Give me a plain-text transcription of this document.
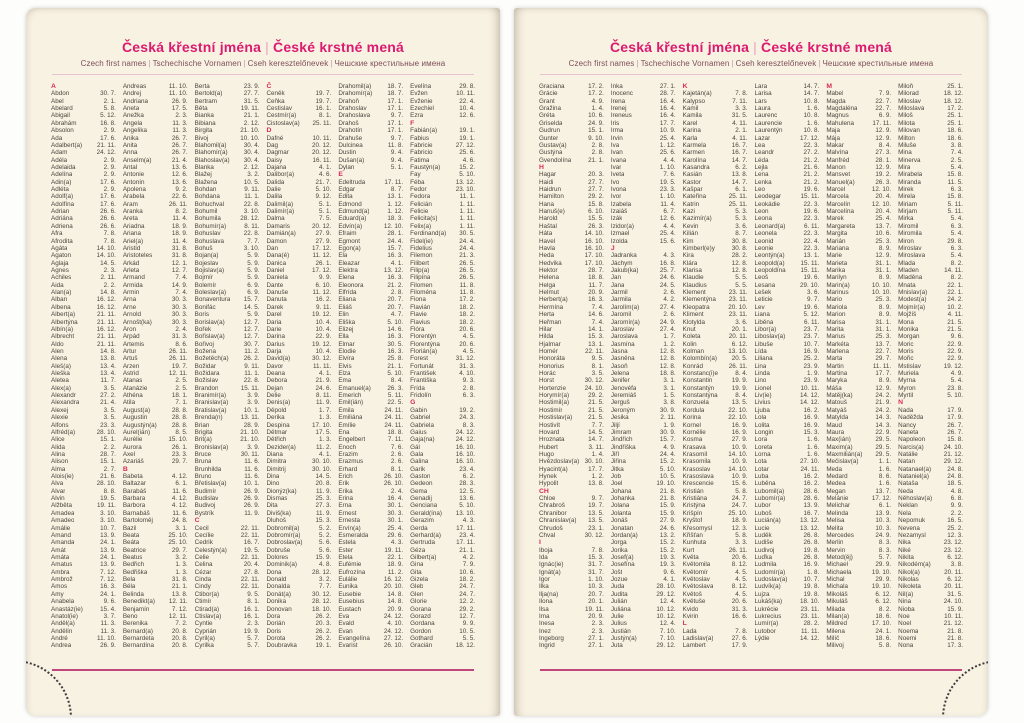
Česká křestní jména | České krstné mená
Czech first names | Tschechische Vornamen | Cseh keresztelőnevek | Чешские крестильные имена
A
Abdon	30. 7.
Ábel	2. 1.
Abelard	5. 8.
Abigail	5. 12.
Abrahám	16. 8.
Absolon	2. 9.
Ada	17. 6.
Adalbert(a)	21. 11.
Adam	24. 12.
Adéla	2. 9.
Adelaida	2. 9.
Adelína	2. 9.
Adin(a)	17. 6.
Adléta	2. 9.
Adolf(a)	17. 6.
Adolfína	17. 6.
Adrian	26. 6.
Adriána	26. 6.
Adriena	26. 6.
Afra	7. 8.
Afrodita	7. 8.
Agáta	14. 10.
Agaton	14. 10.
Aglaja	14. 5.
Agnes	2. 3.
Achiles	2. 11.
Aida	2. 2.
Alan(a)	14. 8.
Alban	16. 12.
Albena	16. 12.
Albert(a)	21. 11.
Albertýna	21. 11.
Albín(a)	16. 12.
Albrecht	21. 11.
Aldo	21. 11.
Alen	14. 8.
Alena	13. 8.
Aleš(a)	13. 4.
Aleška	13. 4.
Aletea	11. 7.
Alex(a)	3. 5.
Alexandr	27. 2.
Alexandra	21. 4.
Alexej	3. 5.
Alexie	3. 5.
Alfons	23. 3.
Alfréd(a)	28. 10.
Alice	15. 1.
Alida	2. 2.
Alina	28. 7.
Alison	15. 1.
Alma	2. 7.
Alois(ie)	21. 6.
Alva	28. 10.
Alvar	8. 8.
Alvin	19. 5.
Alžběta	19. 11.
Amadea	3. 10.
Amadeo	3. 10.
Amálie	10. 7.
Amand	13. 9.
Amanda	24. 1.
Amát	13. 9.
Amáta	24. 1.
Amatus	13. 9.
Ambra	7. 12.
Ambrož	7. 12.
Ámos	16. 3.
Amy	24. 1.
Anabela	9. 6.
Anastáz(ie)	15. 4.
Anatol(ie)	3. 7.
Anděl(a)	11. 3.
Andělín	11. 3.
André	11. 10.
Andrea	26. 9.
Andreas	11. 10.
Andrej	11. 10.
Andriana	26. 9.
Aneta	17. 5.
Anežka	2. 3.
Angela	11. 3.
Angelika	11. 3.
Anika	26. 7.
Anita	26. 7.
Anna	26. 7.
Anselm(a)	21. 4.
Antal	13. 6.
Antonie	12. 6.
Antonín	13. 6.
Apolena	9. 2.
Arabela	22. 6.
Aram	26. 11.
Aranka	8. 2.
Areta	11. 4.
Ariadna	18. 9.
Ariana	18. 9.
Ariel(a)	11. 4.
Aristid	31. 8.
Aristoteles	31. 8.
Arkád	12. 1.
Arleta	12. 7.
Armand	7. 4.
Armida	14. 9.
Armin	7. 4.
Arna	30. 3.
Arne	30. 3.
Arnold	30. 3.
Arnošt(ka)	30. 3.
Áron	2. 4.
Árpád	31. 3.
Artemis	8. 6.
Artur	26. 11.
Artuš	26. 11.
Arzen	19. 7.
Astrid	12. 11.
Atanas	2. 5.
Atanázie	2. 5.
Athéna	18. 1.
Atila	7. 1.
August(a)	28. 8.
Augustin	28. 8.
Augustýn(a)	28. 8.
Aurel(ián)	8. 5.
Aurélie	15. 10.
Aurora	26. 1.
Axel	23. 3.
Azariáš	29. 7.
B
Babeta	4. 12.
Baltazar	6. 1.
Barabáš	11. 6.
Barbara	4. 12.
Barbora	4. 12.
Barnabáš	11. 6.
Bartoloměj	24. 8.
Bazil	3. 1.
Beata	25. 10.
Beáta	25. 10.
Beatrice	29. 7.
Beatus	3. 2.
Bedřich	1. 3.
Bedřiška	1. 3.
Bela	31. 8.
Béla	21. 1.
Belinda	13. 8.
Benedikt(a)	12. 11.
Benjamín	7. 12.
Beno	12. 11.
Berenika	7. 2.
Bernard(a)	20. 8.
Bernardeta	20. 8.
Bernardína	20. 8.
Berta	23. 9.
Bertold(a)	27. 7.
Bertram	31. 5.
Běta	19. 11.
Bianka	21. 1.
Bibiana	2. 12.
Birgita	21. 10.
Bivoj	10. 10.
Blahomil(a)	30. 4.
Blahomír(a)	30. 4.
Blahoslav(a)	30. 4.
Blanka	2. 12.
Blažej	3. 2.
Blažena	10. 5.
Bohdan	9. 11.
Bohdana	11. 1.
Bohuchval	22. 8.
Bohumil	3. 10.
Bohumila	28. 12.
Bohumír(a)	8. 11.
Bohuslav	22. 8.
Bohuslava	7. 7.
Bohuš	3. 10.
Bojan(a)	5. 9.
Bojeslav	5. 9.
Bojislav(a)	5. 9.
Bojmír	5. 9.
Bolemír	6. 9.
Boleslav(a)	6. 9.
Bonaventura	15. 7.
Bonifác	14. 5.
Boris	5. 9.
Borislav(a)	12. 7.
Bořek	12. 7.
Bořislav(a)	12. 7.
Bořivoj	30. 7.
Božena	11. 2.
Božetěch(a)	26. 2.
Božidar	9. 11.
Božidara	11. 1.
Božislav	22. 8.
Brandon	15. 11.
Branimír(a)	3. 9.
Branislav(a)	3. 9.
Bratislav(a)	10. 1.
Brenda(n)	13. 11.
Brian	28. 9.
Brigita	21. 10.
Brit(a)	21. 10.
Bronislav(a)	3. 9.
Bruce	30. 11.
Bruna	11. 6.
Brunhilda	11. 6.
Bruno	11. 6.
Břetislav(a)	10. 1.
Budimír	26. 9.
Budislav	26. 9.
Budivoj	26. 9.
Bystrík	11. 9.
C
Cecil	22. 11.
Cecílie	22. 11.
Cedrik	16. 7.
Celestýn(a)	19. 5.
Celie	22. 11.
Celina	20. 4.
Cézar	27. 8.
Cinda	22. 11.
Cindy	22. 11.
Ctibor(a)	9. 5.
Ctimír	8. 1.
Ctirad(a)	16. 1.
Ctislav(a)	16. 1.
Cyntie	2. 3.
Cyprián	19. 9.
Cyril(a)	5. 7.
Cyrilka	5. 7.
Č
Čeněk	19. 7.
Čeňka	19. 7.
Čestislav	16. 1.
Čestmír(a)	8. 1.
Čistoslav(a)	25. 11.
D
Dafné	10. 11.
Dag	20. 12.
Dagmar	20. 12.
Daisy	16. 11.
Dajana	4. 1.
Dalibor(a)	4. 6.
Dalida	21. 7.
Dalie	5. 10.
Dalila	9. 12.
Dalimil(a)	5. 1.
Dalimír(a)	5. 1.
Dalma	7. 5.
Damaris	20. 12.
Damián(a)	27. 9.
Damon	27. 9.
Dan	17. 12.
Dana(é)	11. 12.
Danica	26. 1.
Daniel	17. 12.
Daniela	9. 9.
Dante	6. 10.
Danuše	11. 12.
Danuta	16. 2.
Darek	9. 11.
Darel	19. 12.
Daria	10. 4.
Darie	10. 4.
Darina	22. 9.
Darius	19. 12.
Darja	10. 4.
David(a)	30. 12.
Davor	11. 11.
Deana	4. 1.
Debora	21. 9.
Dejan	24. 6.
Delie	8. 11.
Denis(a)	11. 9.
Děpold	1. 7.
Derika	1. 3.
Despina	17. 10.
Dětmar	17. 5.
Dětřich	1. 3.
Dezider(a)	11. 2.
Diana	4. 1.
Dimitra	30. 10.
Dimitrij	30. 10.
Dina	14. 5.
Dino	20. 8.
Dionýz(ka)	11. 9.
Dismas	25. 3.
Dita	27. 3.
Diviš(ka)	11. 9.
Dluhoš	15. 3.
Dobromil(a)	5. 2.
Dobromír(a)	5. 2.
Dobroslav(a)	5. 6.
Dobruše	5. 6.
Dolores	15. 9.
Dominik(a)	4. 8.
Dona	28. 12.
Donald	3. 2.
Donalda	7. 7.
Donát(a)	30. 12.
Donika	28. 12.
Donovan	18. 10.
Dora	26. 2.
Dorián	20. 3.
Doris	26. 2.
Dorota	26. 2.
Doubravka	19. 1.
Drahomil(a)	18. 7.
Drahomír(a)	18. 7.
Drahoň	17. 1.
Drahoslav	17. 1.
Drahoslava	9. 7.
Drahoš	17. 1.
Drahotín	17. 1.
Drahuše	9. 7.
Dulcinea	11. 8.
Dustin	9. 4.
Dušan(a)	9. 4.
Dylan	5. 1.
E
Edeltruda	17. 11.
Edgar	8. 7.
Edita	13. 1.
Edmond	1. 12.
Edmund(a)	1. 12.
Eduard(a)	18. 3.
Edvín(a)	12. 10.
Efraim	28. 1.
Egmont	24. 4.
Egon(a)	15. 7.
Ela	16. 3.
Eleazar	4. 1.
Elektra	13. 12.
Elena	16. 3.
Eleonora	21. 2.
Elfrída	2. 8.
Eliana	20. 7.
Eliáš	20. 7.
Elin	4. 7.
Eliška	5. 10.
Elizej	14. 6.
Ella	16. 3.
Elmar	30. 5.
Elodie	16. 3.
Elvíra	25. 8.
Elvis	21. 1.
Elza	5. 10.
Ema	8. 4.
Emanuel(a)	26. 3.
Emerich	5. 11.
Emil(ián)	22. 5.
Emila	24. 11.
Emiliána	24. 11.
Emílie	24. 11.
Ena	18. 8.
Engelbert	7. 11.
Enoch	7. 6.
Erazim	2. 6.
Erazmus	2. 6.
Erhard	8. 1.
Erich	26. 10.
Erik	26. 10.
Erika	2. 4.
Erina	16. 4.
Erna	30. 1.
Ernest	30. 3.
Ernesta	30. 1.
Ervín(a)	25. 4.
Esmeralda	29. 6.
Estela	4. 3.
Ester	19. 11.
Etela	22. 1.
Eufémie	18. 9.
Eufrozína	11. 2.
Eulálie	16. 12.
Eunika	20. 10.
Eusebie	14. 8.
Eusebius	14. 8.
Eustach	20. 9.
Eva	24. 12.
Evald	4. 10.
Evan	24. 12.
Evangelína	27. 12.
Evarist	26. 10.
Evelína	29. 8.
Evžen	10. 11.
Evženie	22. 4.
Ezechiel	10. 4.
Ezra	12. 6.
F
Fabián(a)	19. 1.
Fabius	19. 1.
Fabricie	27. 12.
Fabricio	25. 6.
Fatima	4. 6.
Faustýn(a)	15. 2.
Fay	5. 10.
Féba	13. 12.
Fedor	23. 10.
Fedora	11. 1.
Felicián	1. 11.
Felicie	1. 11.
Felicita(s)	1. 11.
Felix(a)	1. 11.
Ferdinand(a)	30. 5.
Fidel(ie)	24. 4.
Fidelius	24. 4.
Filemon	21. 3.
Filibert	26. 5.
Filip(a)	26. 5.
Filipína	26. 5.
Filomen	11. 8.
Filoména	11. 8.
Fiona	17. 2.
Flavián	18. 2.
Flavie	18. 2.
Flavius	18. 2.
Flóra	20. 6.
Florentýn	4. 5.
Florentýna	20. 6.
Florián(a)	4. 5.
Forest	31. 12.
Fortunát	31. 3.
František	4. 10.
Františka	9. 3.
Frída	2. 8.
Fridolín	6. 3.
G
Gabin	19. 2.
Gabriel	24. 3.
Gabriela	8. 3.
Gaius	24. 12.
Gaja(na)	24. 12.
Gál	16. 10.
Gala	16. 10.
Galina	16. 10.
Garik	23. 4.
Gaston	6. 2.
Gedeon	28. 3.
Gema	12. 5.
Genadij	13. 6.
Genciana	5. 10.
Gerald(ína)	13. 10.
Gerazim	4. 3.
Gerda	17. 11.
Gerhard(a)	23. 4.
Gertruda	17. 11.
Géza	21. 1.
Gilbert(a)	4. 2.
Gina	7. 9.
Gita	10. 6.
Gizela	18. 2.
Gleb	24. 7.
Glen	24. 7.
Glorie	12. 2.
Gorana	29. 2.
Gorazd	12. 7.
Gordana	9. 9.
Gordon	10. 5.
Gothard	5. 5.
Gracián	18. 12.
Česká křestní jména | České krstné mená
Czech first names | Tschechische Vornamen | Cseh keresztelőnevek | Чешские крестильные имена
Graciana	17. 2.
Grácie	17. 2.
Grant	4. 9.
Gražina	1. 4.
Gréta	10. 6.
Griselda	24. 9.
Gudrun	15. 1.
Gunter	9. 10.
Gustav(a)	2. 8.
Gustýna	2. 8.
Gvendolína	21. 1.
H
Hagar	20. 3.
Haidi	27. 7.
Haidrun	27. 7.
Hamilton	29. 2.
Hana	15. 8.
Hanuš(e)	6. 10.
Harold	15. 5.
Haštal	26. 3.
Háta	14. 10.
Havel	16. 10.
Havla	16. 10.
Heda	17. 10.
Hedvika	17. 10.
Hektor	28. 7.
Helena	18. 8.
Helga	11. 7.
Helmut	20. 9.
Herbert(a)	16. 3.
Hermína	7. 4.
Herta	14. 6.
Heřman	7. 4.
Hilar	14. 1.
Hilda	15. 3.
Hjalmar	13. 1.
Homér	22. 11.
Honoráta	9. 5.
Honorius	8. 1.
Horác	3. 5.
Horst	30. 12.
Hortenzie	24. 10.
Horymír(a)	29. 2.
Hostimil(a)	21. 5.
Hostimír	21. 5.
Hostislav(a)	21. 5.
Hostivít	7. 7.
Hovard	14. 5.
Hroznata	14. 7.
Hubert	3. 11.
Hugo	1. 4.
Hvězdoslav(a) 30. 10.
Hyacint(a)	17. 7.
Hynek	1. 2.
Hypolit	13. 8.
CH
Chloe	9. 7.
Chrabroš	19. 7.
Chranibor	13. 5.
Chranislav(a)	13. 5.
Chrudoš	23. 1.
Chval	30. 12.
I
Iboja	7. 8.
Ida	15. 3.
Ignác(ie)	31. 7.
Ignát(a)	31. 7.
Igor	1. 10.
Ilka	10. 3.
Ilja(na)	20. 7.
Ilona	20. 1.
Ilsa	19. 11.
Ima	20. 9.
Inesa	2. 3.
Inez	2. 3.
Ingeborg	27. 1.
Ingrid	27. 1.
Inka	27. 1.
Inocenc	28. 7.
Irena	16. 4.
Irenej	16. 4.
Ireneus	16. 4.
Iris	17. 7.
Irma	10. 9.
Irvin	25. 4.
Iva	1. 12.
Ivan	25. 6.
Ivana	4. 4.
Ivar	1. 10.
Iveta	7. 6.
Ivo	19. 5.
Ivona	23. 3.
Ivor	1. 10.
Izabela	11. 4.
Izaiáš	6. 7.
Izák	12. 6.
Izidor(a)	4. 4.
Izmael	25. 4.
Izolda	15. 6.
J
Jadranka	4. 3.
Jáchym	16. 8.
Jakub(ka)	25. 7.
Jan	24. 6.
Jana	24. 5.
Jarmil	2. 6.
Jarmila	4. 2.
Jarolím(a)	27. 4.
Jaromil	2. 6.
Jaromír(a)	24. 9.
Jaroslav	27. 4.
Jaroslava	1. 7.
Jasmína	1. 2.
Jasna	12. 8.
Jasněna	12. 8.
Jasoň	12. 8.
Jelena	18. 8.
Jenifer	3. 1.
Jenovéfa	3. 1.
Jeremiáš	1. 5.
Jerguš	3. 8.
Jeroným	30. 9.
Jesika	2. 11.
Jiljí	1. 9.
Jimram	30. 9.
Jindřich	15. 7.
Jindřiška	4. 9.
Jiří	24. 4.
Jiřina	15. 2.
Jitka	5. 10.
Job	10. 5.
Joel	19. 10.
Johana	21. 8.
Johanka	21. 8.
Jolana	15. 9.
Jolanta	15. 9.
Jonáš	27. 9.
Jonatan	24. 6.
Jordan(a)	13. 2.
Jorga	15. 2.
Jorika	15. 2.
Josef(a)	19. 3.
Josefína	19. 3.
Jošt	9. 6.
Jozue	4. 1.
Juda	28. 10.
Judita	29. 12.
Julián	12. 4.
Juliána	10. 12.
Julie	10. 12.
Julius	12. 4.
Justián	7. 10.
Justýn(a)	7. 10.
Juta	29. 12.
K
Kajetán(a)	7. 8.
Kalypso	7. 11.
Kamil	3. 3.
Kamila	31. 5.
Karel	4. 11.
Karina	2. 1.
Karla	4. 11.
Karmela	16. 7.
Karmen	16. 7.
Karolína	14. 7.
Kasandra	6. 2.
Kasián	13. 8.
Kastor	14. 7.
Kašpar	6. 1.
Kateřina	25. 11.
Katrin	25. 11.
Kazi	5. 3.
Kazimír(a)	5. 3.
Kevin	3. 6.
Kilián	8. 7.
Kim	30. 8.
Kimberl(e)y	30. 8.
Kira	28. 2.
Klára	12. 8.
Klarisa	12. 8.
Klaudie	5. 5.
Klaudius	5. 5.
Klement	23. 11.
Klementýna	23. 11.
Kleopatra	20. 10.
Kliment	23. 11.
Klotylda	3. 6.
Knut	20. 1.
Koleta	20. 11.
Kolin	6. 12.
Kolman	13. 10.
Kolombín(a)	20. 5.
Konrád	26. 11.
Konstanc(i)e	8. 4.
Konstantin	19. 9.
Konstantýn	19. 9.
Konstantýna	8. 4.
Konzuela	13. 5.
Kordula	22. 10.
Korina	22. 10.
Kornel	16. 9.
Kornélie	16. 9.
Kosma	27. 9.
Krasava	10. 9.
Krasomil	14. 10.
Krasomila	10. 9.
Krasoslav	14. 10.
Krasoslava	10. 9.
Krescencie	15. 6.
Kristián	5. 8.
Kristiána	24. 7.
Kristýna	24. 7.
Krišpín	25. 10.
Kryštof	18. 9.
Křesomysl	12. 3.
Křišťan	5. 8.
Kunhuta	3. 3.
Kurt	26. 11.
Květa	20. 6.
Květomila	8. 12.
Květomír	4. 5.
Květoslav	4. 5.
Květoslava	8. 12.
Květoš	4. 5.
Květuše	20. 6.
Kvido	31. 3.
Kvirin	16. 6.
L
Lada	7. 8.
Ladislav(a)	27. 6.
Lambert	17. 9.
Lara	14. 7.
Larisa	14. 7.
Lars	10. 8.
Laura	1. 6.
Laurenc	10. 8.
Laurencie	1. 6.
Laurentýn	10. 8.
Lazar	17. 12.
Lea	22. 3.
Leandr	27. 2.
Léda	21. 2.
Lejla	21. 6.
Lena	21. 2.
Lenka	21. 2.
Leo	19. 6.
Leodegar	15. 11.
Leokádie	22. 3.
Leon	19. 6.
Leona	22. 3.
Leonard(a)	6. 11.
Leonela	22. 3.
Leonid	22. 4.
Leonie	22. 3.
Leontýn(a)	13. 1.
Leopold(a)	15. 11.
Leopoldína	15. 11.
Leoš	19. 6.
Lesana	29. 10.
Lešek	3. 6.
Leticie	9. 7.
Lev	19. 6.
Liana	5. 12.
Liběna	6. 11.
Libor(a)	23. 7.
Liboslav(a)	23. 7.
Libuše	10. 7.
Lída	16. 9.
Liliana	25. 2.
Lina	23. 9.
Linda	1. 9.
Lino	23. 9.
Lionel	10. 11.
Liv(ie)	14. 12.
Livius	14. 12.
Ljuba	16. 2.
Lola	16. 9.
Lolita	16. 9.
Longin	15. 3.
Lora	1. 6.
Loreta	1. 6.
Lorna	1. 6.
Lota	27. 10.
Lotar	24. 11.
Luba	16. 2.
Luběna	16. 2.
Lubomil(a)	28. 6.
Lubomír(a)	28. 6.
Lubor	13. 9.
Luboš	16. 7.
Lucián(a)	13. 12.
Lucie	13. 12.
Luděk	26. 8.
Ludiše	26. 8.
Ludivoj	19. 8.
Luďka	26. 8.
Ludmila	16. 9.
Ludomír(a)	1. 8.
Ludoslav(a)	10. 7.
Ludvík(a)	19. 8.
Lujza	19. 8.
Lukáš(ka)	18. 10.
Lukrécie	23. 11.
Lukrecius	23. 11.
Lumír(a)	28. 2.
Lutobor	11. 11.
Lýdie	14. 12.
M
Mabel	7. 9.
Magda	22. 7.
Magdaléna	22. 7.
Magnus	6. 9.
Mahulena	17. 11.
Maja	12. 9.
Mája	12. 9.
Makar	8. 4.
Malvína	27. 3.
Manfréd	28. 1.
Manon	12. 9.
Mansvet	19. 2.
Manuel(a)	26. 3.
Marcel	12. 10.
Marcela	20. 4.
Marcelín	12. 10.
Marcelína	20. 4.
Marek	25. 4.
Margareta	13. 7.
Margita	10. 6.
Marián	25. 3.
Mariana	8. 9.
Marie	12. 9.
Marieta	31. 1.
Marika	31. 1.
Marilyn	8. 9.
Marin(a)	10. 10.
Marinus	10. 10.
Mario	25. 3.
Mariola	8. 9.
Marion	8. 9.
Marisa	31. 1.
Marita	31. 1.
Marius	25. 3.
Markéta	13. 7.
Marlena	22. 7.
Marta	29. 7.
Martin	11. 11.
Martina	17. 7.
Maryka	8. 9.
Máša	12. 9.
Matěj(ka)	24. 2.
Matouš	21. 9.
Matyáš	24. 2.
Matylda	14. 3.
Maud	14. 3.
Maura	22. 9.
Max(ián)	29. 5.
Maxim(a)	29. 5.
Maxmilián(a)	29. 5.
Mečislav(a)	1. 1.
Meda	1. 6.
Medard	8. 6.
Medea	1. 6.
Megan	13. 7.
Melánie	17. 12.
Melichar	6. 1.
Melinda	13. 9.
Melisa	10. 3.
Melita	10. 3.
Mercedes	24. 9.
Merlin	8. 3.
Mervin	8. 3.
Metod(ěj)	5. 7.
Michael	29. 9.
Michaela	19. 10.
Michal	29. 9.
Michala	19. 10.
Mikoláš	6. 12.
Mikuláš	6. 12.
Milada	8. 2.
Milan(a)	18. 6.
Mildred	17. 10.
Milena	24. 1.
Milíč	18. 6.
Milivoj	5. 8.
Miloň	25. 1.
Milorad	18. 12.
Miloslav	18. 12.
Miloslava	17. 2.
Miloš	25. 1.
Milota	25. 1.
Milovan	18. 6.
Milton	18. 6.
Miluše	3. 8.
Mina	7. 4.
Minerva	2. 5.
Mira	5. 4.
Mirabela	15. 8.
Miranda	11. 5.
Mirek	6. 3.
Mirela	15. 8.
Miriam	5. 11.
Mirjam	5. 11.
Mirka	5. 4.
Miromil	6. 3.
Miromila	5. 4.
Miron	29. 8.
Miroslav	6. 3.
Miroslava	5. 4.
Mlada	8. 2.
Mladen	14. 11.
Mladěna	8. 2.
Mnata	22. 1.
Mnislav(a)	22. 1.
Modest(a)	24. 2.
Mojmír(a)	10. 2.
Mojžíš	4. 11.
Mona	21. 5.
Monika	21. 5.
Morgan	9. 6.
Moric	22. 9.
Moris	22. 9.
Mořic	22. 9.
Mstislav	19. 12.
Muriela	4. 9.
Myrna	5. 4.
Myron	23. 8.
Myrtil	5. 10.
N
Nada	17. 9.
Naděžda	17. 9.
Nancy	26. 7.
Naneta	26. 7.
Napoleon	15. 8.
Narcis(a)	24. 10.
Natálie	21. 12.
Natan	29. 12.
Natanael(a)	24. 8.
Nataniel(a)	24. 8.
Nataša	18. 5.
Neda	4. 8.
Něhoslav(a)	6. 8.
Neklan	9. 9.
Nela	2. 2.
Nepomuk	16. 5.
Nevena	25. 2.
Nezamysl	12. 3.
Nika	23. 12.
Niké	23. 12.
Nikita	6. 12.
Nikodém(a)	3. 8.
Nikol(a)	20. 11.
Nikolas	6. 12.
Nikoleta	20. 11.
Nil(a)	31. 5.
Nina	24. 10.
Nioba	15. 9.
Noe	10. 11.
Noel	21. 12.
Noema	21. 8.
Noemi	21. 8.
Nona	17. 3.
